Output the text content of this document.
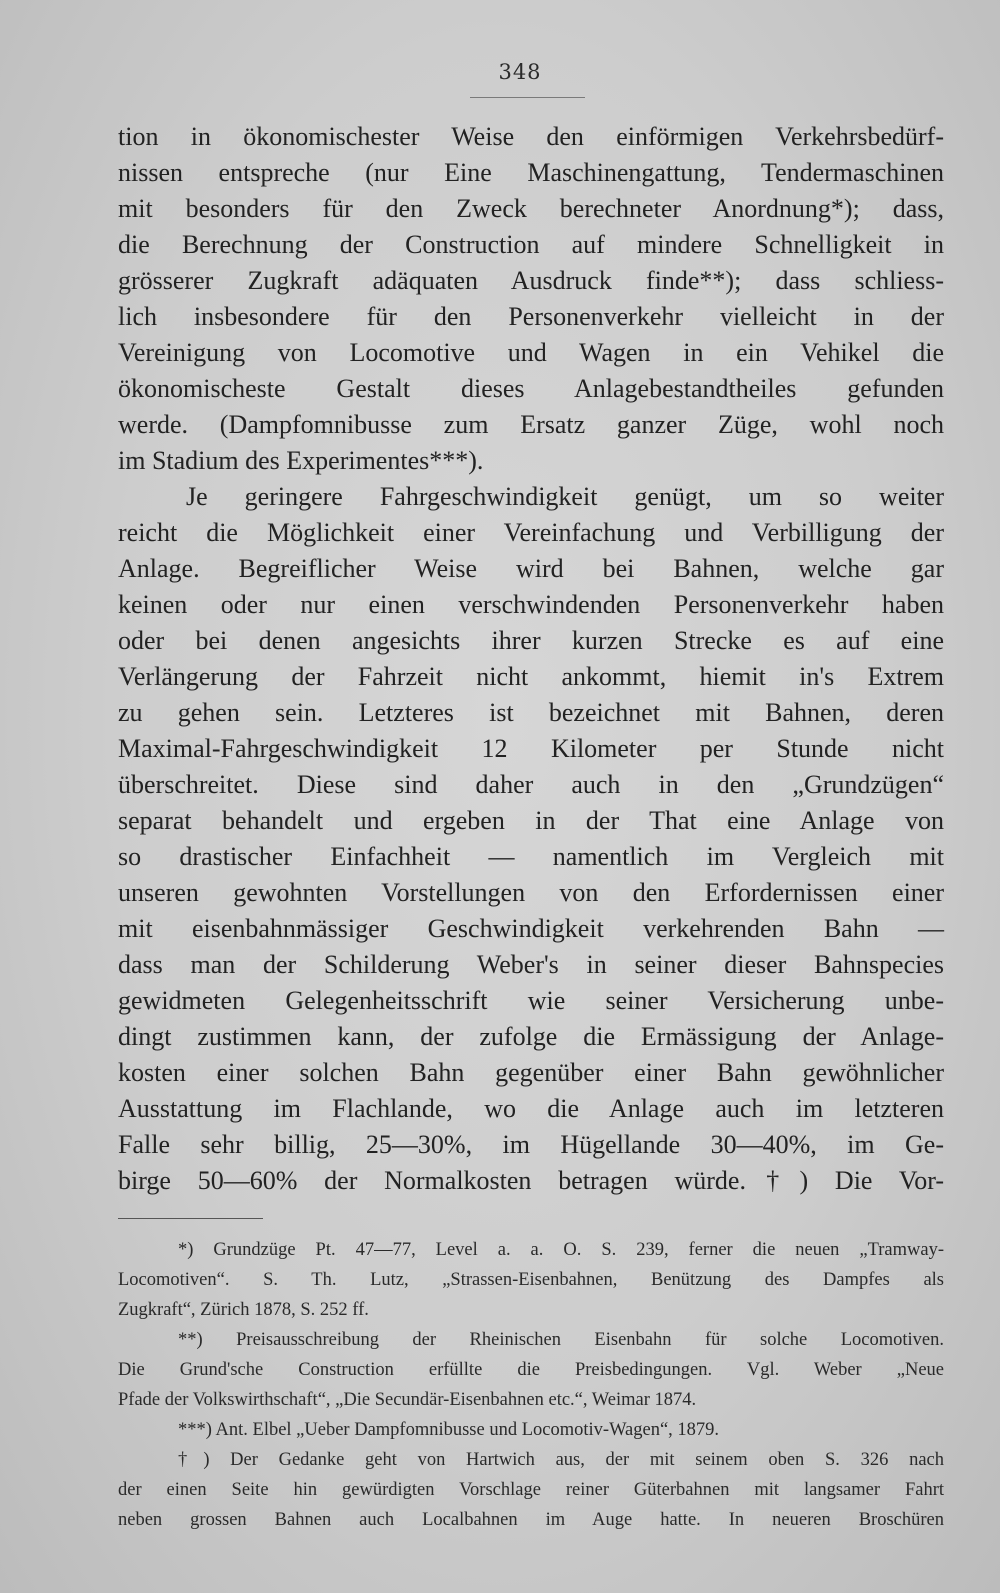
348
tion in ökonomischester Weise den einförmigen Verkehrsbedürf-
nissen entspreche (nur Eine Maschinengattung, Tendermaschinen
mit besonders für den Zweck berechneter Anordnung*); dass,
die Berechnung der Construction auf mindere Schnelligkeit in
grösserer Zugkraft adäquaten Ausdruck finde**); dass schliess-
lich insbesondere für den Personenverkehr vielleicht in der
Vereinigung von Locomotive und Wagen in ein Vehikel die
ökonomischeste Gestalt dieses Anlagebestandtheiles gefunden
werde. (Dampfomnibusse zum Ersatz ganzer Züge, wohl noch
im Stadium des Experimentes***).
Je geringere Fahrgeschwindigkeit genügt, um so weiter
reicht die Möglichkeit einer Vereinfachung und Verbilligung der
Anlage. Begreiflicher Weise wird bei Bahnen, welche gar
keinen oder nur einen verschwindenden Personenverkehr haben
oder bei denen angesichts ihrer kurzen Strecke es auf eine
Verlängerung der Fahrzeit nicht ankommt, hiemit in's Extrem
zu gehen sein. Letzteres ist bezeichnet mit Bahnen, deren
Maximal-Fahrgeschwindigkeit 12 Kilometer per Stunde nicht
überschreitet. Diese sind daher auch in den „Grundzügen“
separat behandelt und ergeben in der That eine Anlage von
so drastischer Einfachheit — namentlich im Vergleich mit
unseren gewohnten Vorstellungen von den Erfordernissen einer
mit eisenbahnmässiger Geschwindigkeit verkehrenden Bahn —
dass man der Schilderung Weber's in seiner dieser Bahnspecies
gewidmeten Gelegenheitsschrift wie seiner Versicherung unbe-
dingt zustimmen kann, der zufolge die Ermässigung der Anlage-
kosten einer solchen Bahn gegenüber einer Bahn gewöhnlicher
Ausstattung im Flachlande, wo die Anlage auch im letzteren
Falle sehr billig, 25—30%, im Hügellande 30—40%, im Ge-
birge 50—60% der Normalkosten betragen würde.†) Die Vor-
*) Grundzüge Pt. 47—77, Level a. a. O. S. 239, ferner die neuen „Tramway-
Locomotiven“. S. Th. Lutz, „Strassen-Eisenbahnen, Benützung des Dampfes als
Zugkraft“, Zürich 1878, S. 252 ff.
**) Preisausschreibung der Rheinischen Eisenbahn für solche Locomotiven.
Die Grund'sche Construction erfüllte die Preisbedingungen. Vgl. Weber „Neue
Pfade der Volkswirthschaft“, „Die Secundär-Eisenbahnen etc.“, Weimar 1874.
***) Ant. Elbel „Ueber Dampfomnibusse und Locomotiv-Wagen“, 1879.
†) Der Gedanke geht von Hartwich aus, der mit seinem oben S. 326 nach
der einen Seite hin gewürdigten Vorschlage reiner Güterbahnen mit langsamer Fahrt
neben grossen Bahnen auch Localbahnen im Auge hatte. In neueren Broschüren
